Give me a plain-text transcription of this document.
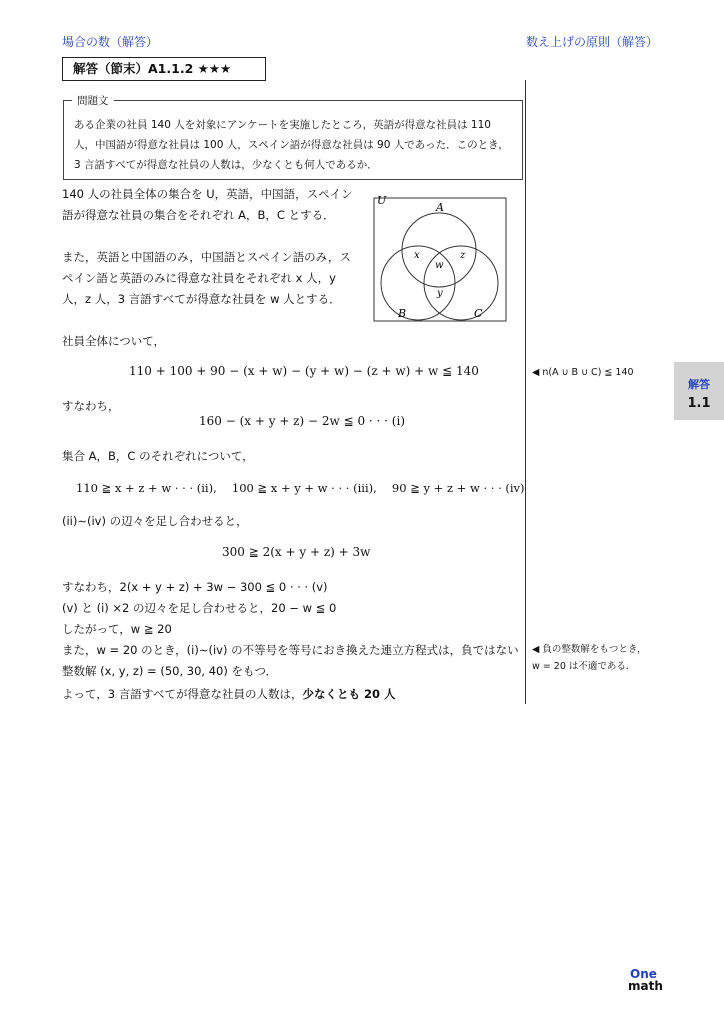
場合の数（解答）	数え上げの原則（解答）
解答（節末）A1.1.2 ★★★
問題文
ある企業の社員 140 人を対象にアンケートを実施したところ，英語が得意な社員は 110 人，中国語が得意な社員は 100 人，スペイン語が得意な社員は 90 人であった．このとき，3 言語すべてが得意な社員の人数は，少なくとも何人であるか．
140 人の社員全体の集合を U，英語，中国語，スペイン語が得意な社員の集合をそれぞれ A，B，C とする．
また，英語と中国語のみ，中国語とスペイン語のみ，スペイン語と英語のみに得意な社員をそれぞれ x 人，y 人，z 人，3 言語すべてが得意な社員を w 人とする．
社員全体について，
U
A
B	C
x	z
w
y
110 + 100 + 90 − (x + w) − (y + w) − (z + w) + w ≦ 140	◀ n(A ∪ B ∪ C) ≦ 140
すなわち，
160 − (x + y + z) − 2w ≦ 0 · · · (i)
集合 A，B，C のそれぞれについて，
110 ≧ x + z + w · · · (ii),　 100 ≧ x + y + w · · · (iii),　 90 ≧ y + z + w · · · (iv)
(ii)∼(iv) の辺々を足し合わせると，
300 ≧ 2(x + y + z) + 3w
すなわち，2(x + y + z) + 3w − 300 ≦ 0 · · · (v)
(v) と (i) ×2 の辺々を足し合わせると，20 − w ≦ 0
したがって，w ≧ 20
また，w = 20 のとき，(i)∼(iv) の不等号を等号におき換えた連立方程式は，負ではない整数解 (x, y, z) = (50, 30, 40) をもつ．
◀ 負の整数解をもつとき，
w = 20 は不適である．
よって，3 言語すべてが得意な社員の人数は，少なくとも 20 人
解答
1.1
One
math
